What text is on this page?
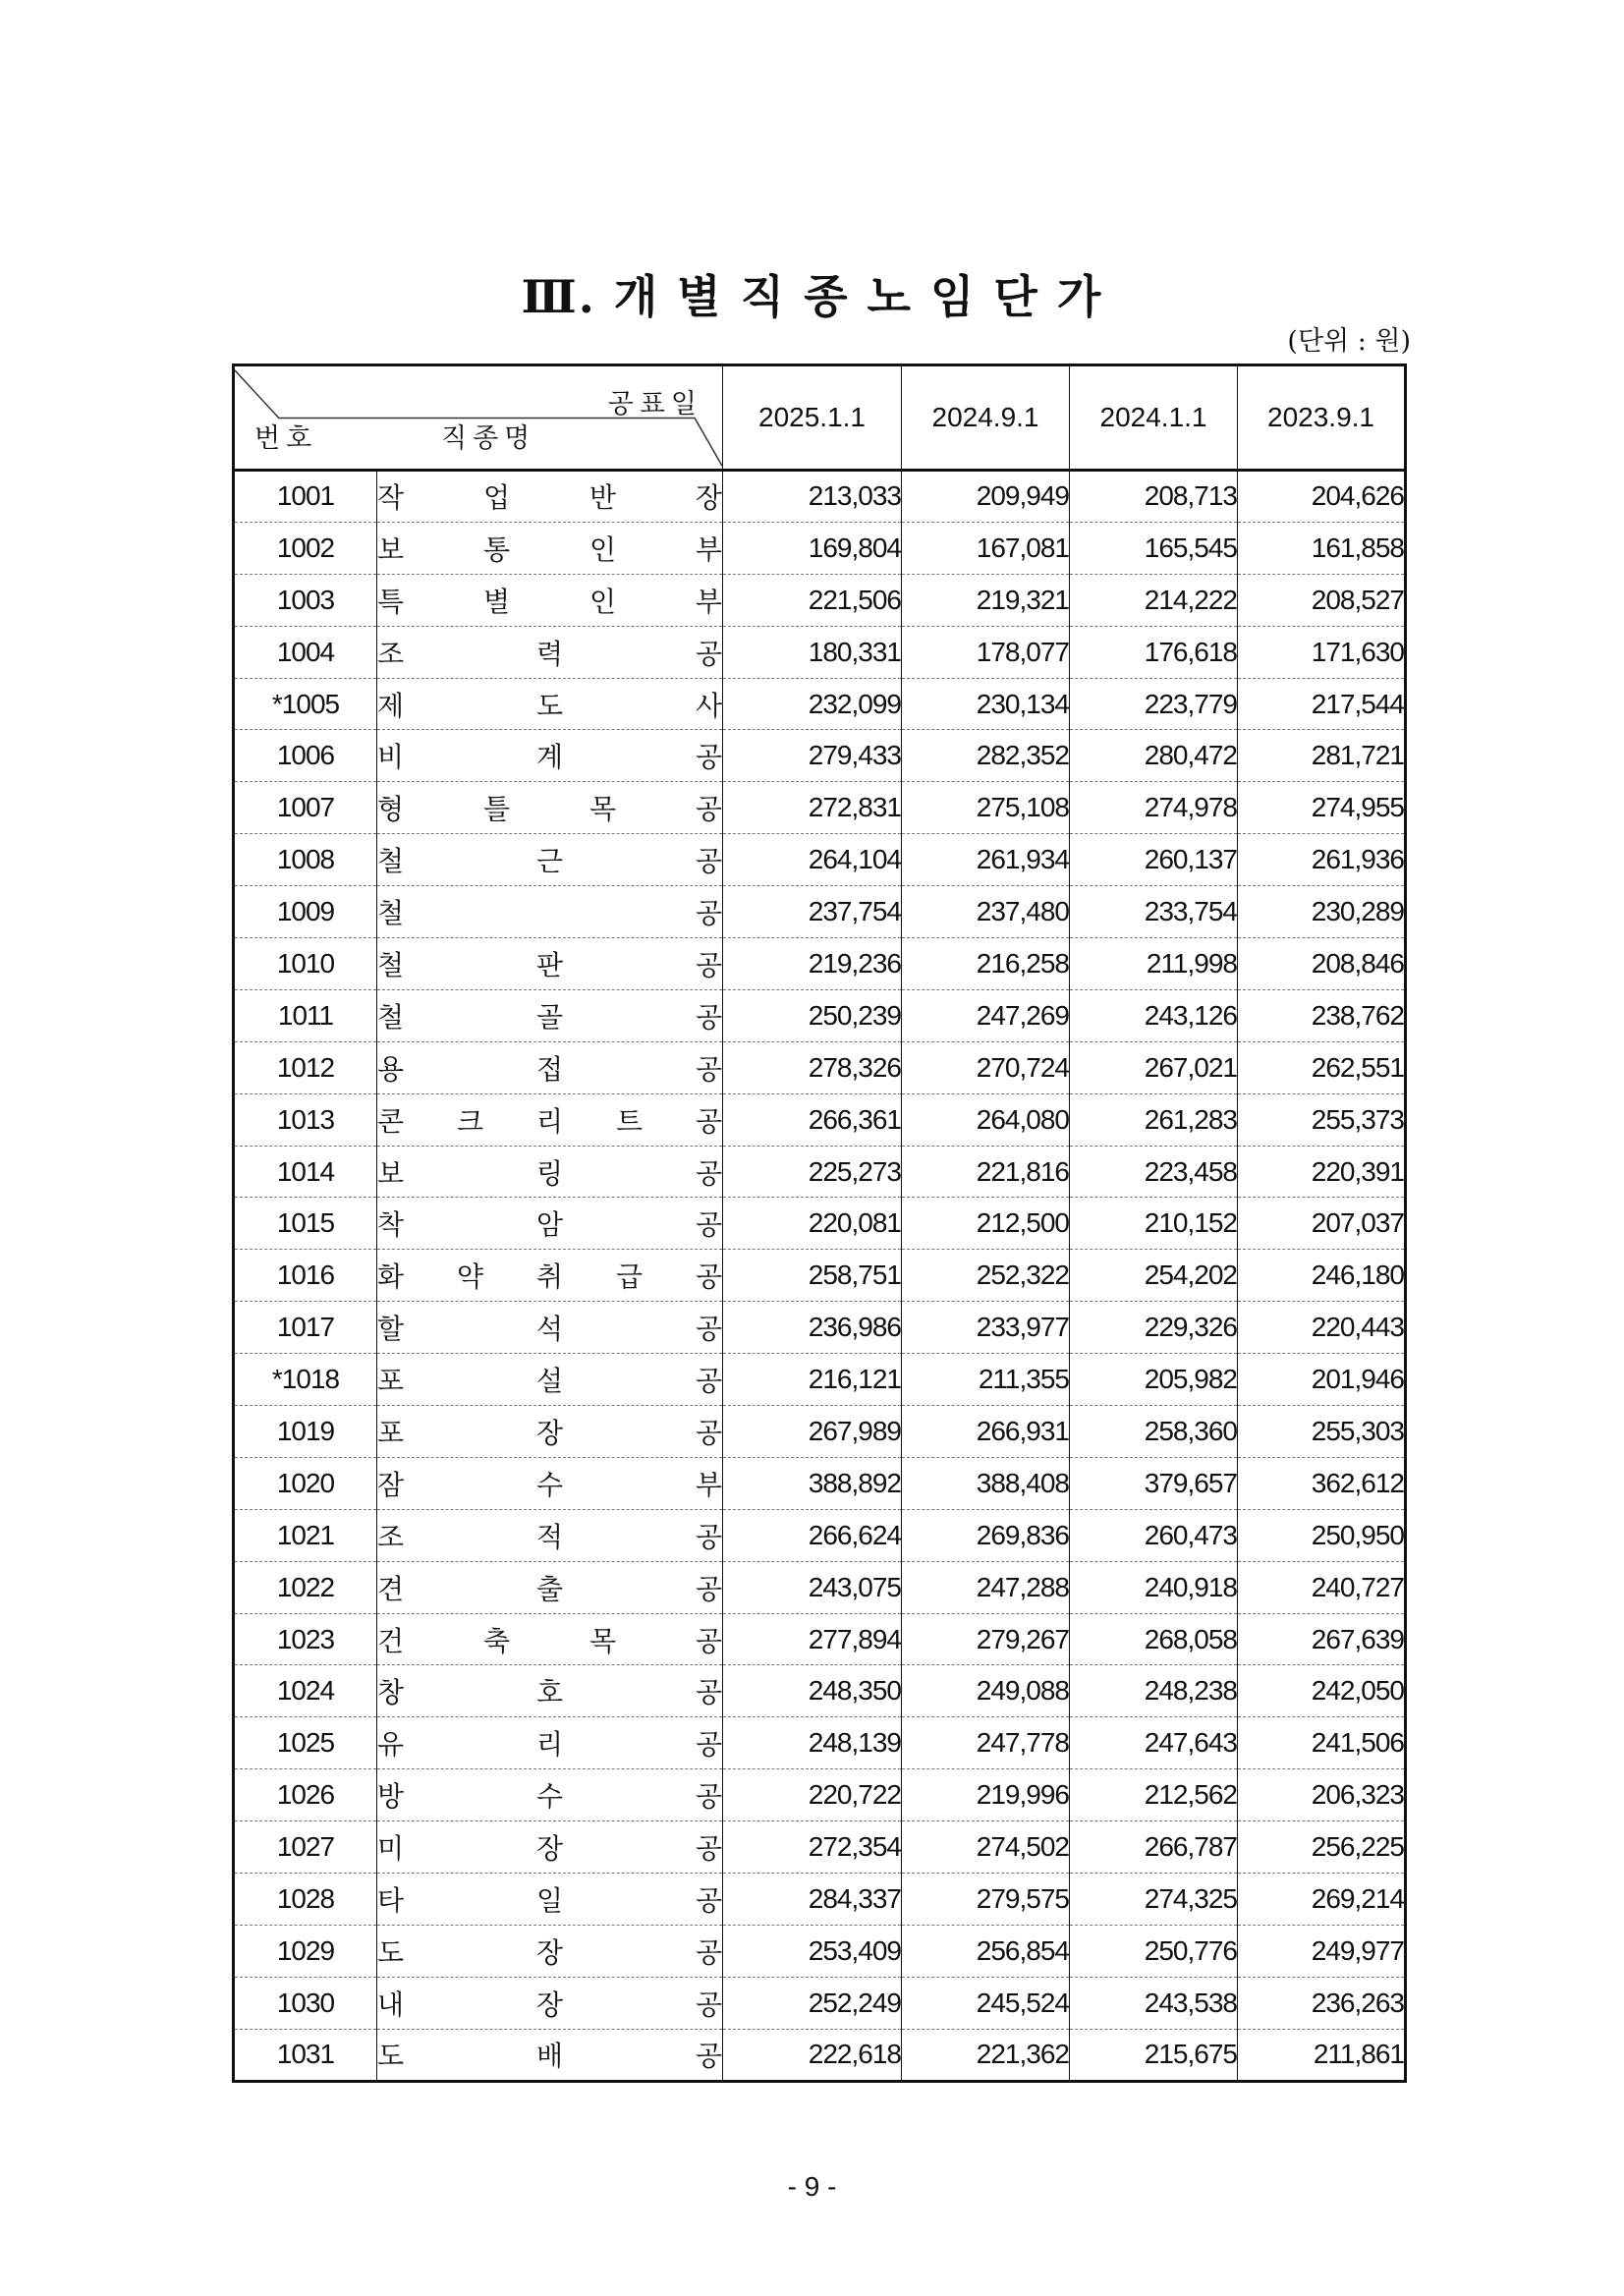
Ⅲ. 개 별 직 종 노 임 단 가
(단위 : 원)
공표일
번호 직종명		2025.1.1	2024.9.1	2024.1.1	2023.9.1
1001	작 업 반 장	213,033	209,949	208,713	204,626
1002	보 통 인 부	169,804	167,081	165,545	161,858
1003	특 별 인 부	221,506	219,321	214,222	208,527
1004	조 력 공	180,331	178,077	176,618	171,630
*1005	제 도 사	232,099	230,134	223,779	217,544
1006	비 계 공	279,433	282,352	280,472	281,721
1007	형 틀 목 공	272,831	275,108	274,978	274,955
1008	철 근 공	264,104	261,934	260,137	261,936
1009	철 공	237,754	237,480	233,754	230,289
1010	철 판 공	219,236	216,258	211,998	208,846
1011	철 골 공	250,239	247,269	243,126	238,762
1012	용 접 공	278,326	270,724	267,021	262,551
1013	콘 크 리 트 공	266,361	264,080	261,283	255,373
1014	보 링 공	225,273	221,816	223,458	220,391
1015	착 암 공	220,081	212,500	210,152	207,037
1016	화 약 취 급 공	258,751	252,322	254,202	246,180
1017	할 석 공	236,986	233,977	229,326	220,443
*1018	포 설 공	216,121	211,355	205,982	201,946
1019	포 장 공	267,989	266,931	258,360	255,303
1020	잠 수 부	388,892	388,408	379,657	362,612
1021	조 적 공	266,624	269,836	260,473	250,950
1022	견 출 공	243,075	247,288	240,918	240,727
1023	건 축 목 공	277,894	279,267	268,058	267,639
1024	창 호 공	248,350	249,088	248,238	242,050
1025	유 리 공	248,139	247,778	247,643	241,506
1026	방 수 공	220,722	219,996	212,562	206,323
1027	미 장 공	272,354	274,502	266,787	256,225
1028	타 일 공	284,337	279,575	274,325	269,214
1029	도 장 공	253,409	256,854	250,776	249,977
1030	내 장 공	252,249	245,524	243,538	236,263
1031	도 배 공	222,618	221,362	215,675	211,861
- 9 -
